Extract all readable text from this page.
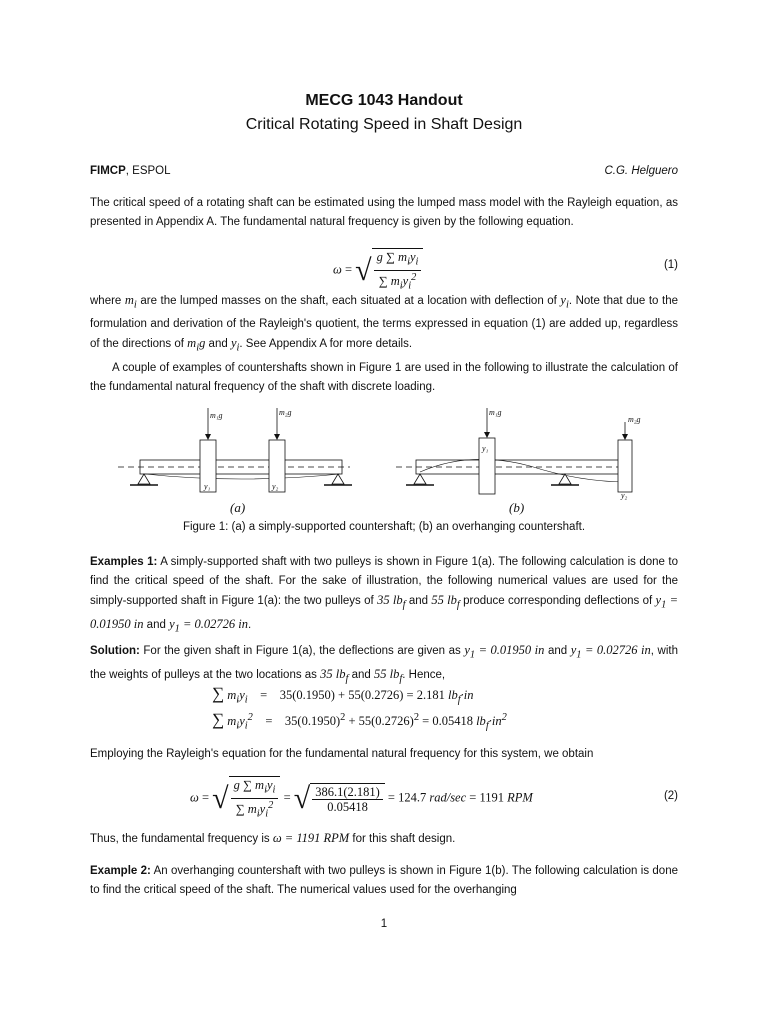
MECG 1043 Handout
Critical Rotating Speed in Shaft Design
FIMCP, ESPOL	C.G. Helguero
The critical speed of a rotating shaft can be estimated using the lumped mass model with the Rayleigh equation, as presented in Appendix A. The fundamental natural frequency is given by the following equation.
ω = √ $\frac{g \sum m_iy_i}{\sum m_iy_i^2}$	(1)
where $m_i$ are the lumped masses on the shaft, each situated at a location with deflection of $y_i$. Note that due to the formulation and derivation of the Rayleigh's quotient, the terms expressed in equation (1) are added up, regardless of the directions of $m_ig$ and $y_i$. See Appendix A for more details.
A couple of examples of countershafts shown in Figure 1 are used in the following to illustrate the calculation of the fundamental natural frequency of the shaft with discrete loading.
m₁g	m₂g
y₁	y₂
m₁g
m₂g
y₁
y₂
(a)	(b)
Figure 1: (a) a simply-supported countershaft; (b) an overhanging countershaft.
Examples 1: A simply-supported shaft with two pulleys is shown in Figure 1(a). The following calculation is done to find the critical speed of the shaft. For the sake of illustration, the following numerical values are used for the simply-supported shaft in Figure 1(a): the two pulleys of 35 $lb_f$ and 55 $lb_f$ produce corresponding deflections of $y_1 = 0.01950$ in and $y_1 = 0.02726$ in.
Solution: For the given shaft in Figure 1(a), the deflections are given as $y_1 = 0.01950$ in and $y_1 = 0.02726$ in, with the weights of pulleys at the two locations as 35 $lb_f$ and 55 $lb_f$. Hence,
∑ $m_iy_i$    =    35(0.1950) + 55(0.2726) = 2.181 $lb_f\cdot in$
∑ $m_iy_i^2$    =    $35(0.1950)^2 + 55(0.2726)^2 = 0.05418$ $lb_f\cdot in^2$
Employing the Rayleigh's equation for the fundamental natural frequency for this system, we obtain
ω = √ $\frac{g \sum m_iy_i}{\sum m_iy_i^2}$ = √ $\frac{386.1(2.181)}{0.05418} = 124.7$ rad/sec = 1191 RPM	(2)
Thus, the fundamental frequency is ω = 1191 RPM for this shaft design.
Example 2: An overhanging countershaft with two pulleys is shown in Figure 1(b). The following calculation is done to find the critical speed of the shaft. The numerical values used for the overhanging
1
